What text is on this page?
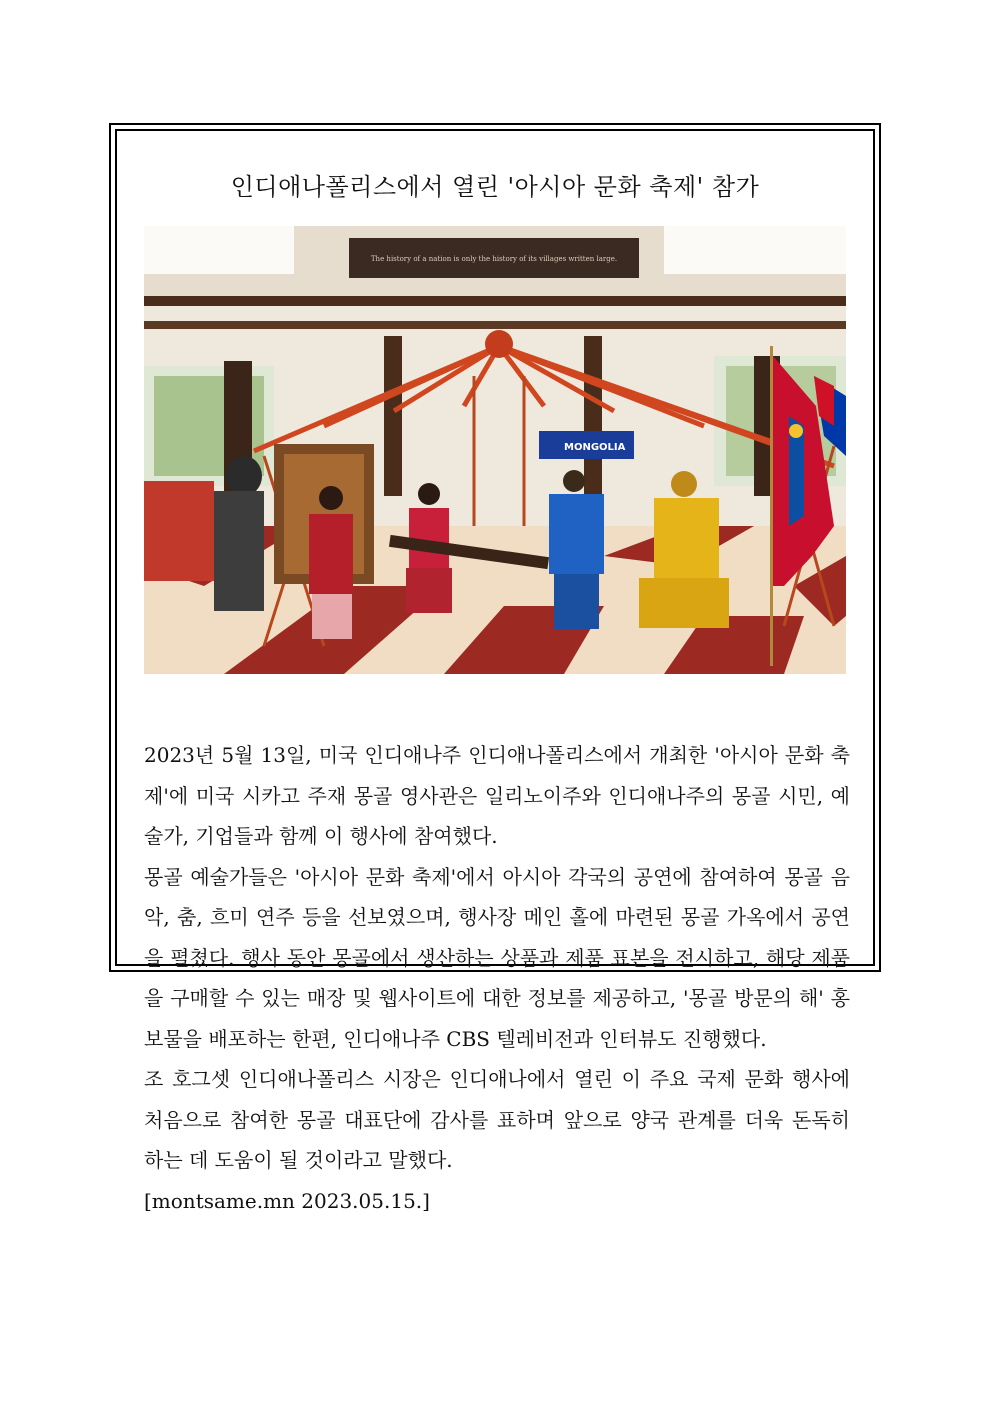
인디애나폴리스에서 열린 '아시아 문화 축제' 참가
The history of a nation is only the history of its villages written large.
MONGOLIA

2023년 5월 13일, 미국 인디애나주 인디애나폴리스에서 개최한 '아시아 문화 축제'에 미국 시카고 주재 몽골 영사관은 일리노이주와 인디애나주의 몽골 시민, 예술가, 기업들과 함께 이 행사에 참여했다.

몽골 예술가들은 '아시아 문화 축제'에서 아시아 각국의 공연에 참여하여 몽골 음악, 춤, 흐미 연주 등을 선보였으며, 행사장 메인 홀에 마련된 몽골 가옥에서 공연을 펼쳤다. 행사 동안 몽골에서 생산하는 상품과 제품 표본을 전시하고, 해당 제품을 구매할 수 있는 매장 및 웹사이트에 대한 정보를 제공하고, '몽골 방문의 해' 홍보물을 배포하는 한편, 인디애나주 CBS 텔레비전과 인터뷰도 진행했다.

조 호그셋 인디애나폴리스 시장은 인디애나에서 열린 이 주요 국제 문화 행사에 처음으로 참여한 몽골 대표단에 감사를 표하며 앞으로 양국 관계를 더욱 돈독히 하는 데 도움이 될 것이라고 말했다.

[montsame.mn 2023.05.15.]
